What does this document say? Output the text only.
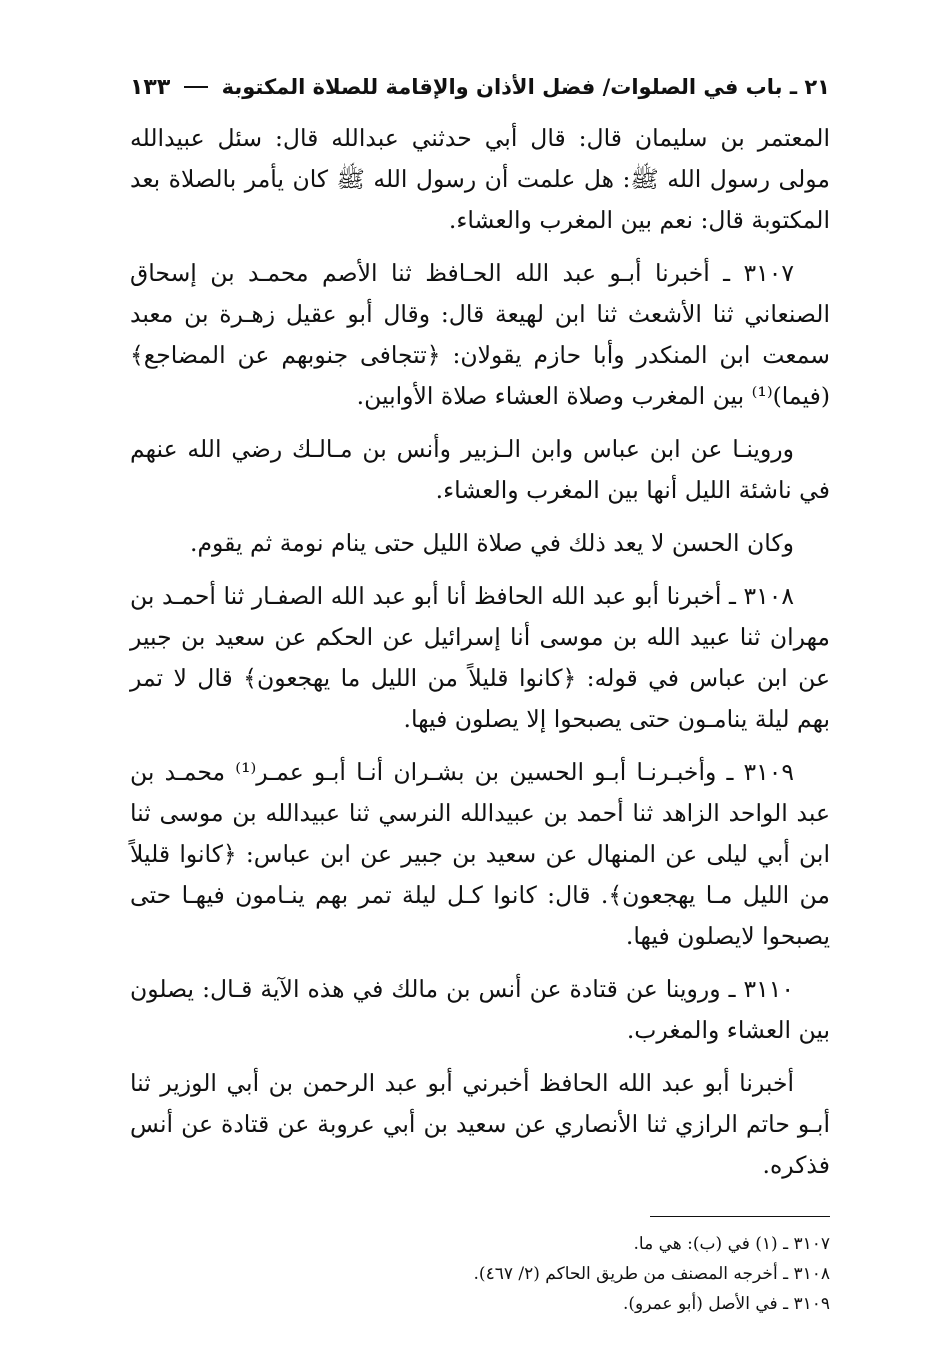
٢١ ـ باب في الصلوات/ فضل الأذان والإقامة للصلاة المكتوبة
١٣٣

المعتمر بن سليمان قال: قال أبي حدثني عبدالله قال: سئل عبيدالله مولى رسول الله ﷺ: هل علمت أن رسول الله ﷺ كان يأمر بالصلاة بعد المكتوبة قال: نعم بين المغرب والعشاء.

٣١٠٧ ـ أخبرنا أبـو عبد الله الحـافظ ثنا الأصم محمـد بن إسحاق الصنعاني ثنا الأشعث ثنا ابن لهيعة قال: وقال أبو عقيل زهـرة بن معبد سمعت ابن المنكدر وأبا حازم يقولان: ﴿تتجافى جنوبهم عن المضاجع﴾ (فيما)⁽¹⁾ بين المغرب وصلاة العشاء صلاة الأوابين.

وروينـا عن ابن عباس وابن الـزبير وأنس بن مـالـك رضي الله عنهم في ناشئة الليل أنها بين المغرب والعشاء.

وكان الحسن لا يعد ذلك في صلاة الليل حتى ينام نومة ثم يقوم.

٣١٠٨ ـ أخبرنا أبو عبد الله الحافظ أنا أبو عبد الله الصفـار ثنا أحمـد بن مهران ثنا عبيد الله بن موسى أنا إسرائيل عن الحكم عن سعيد بن جبير عن ابن عباس في قوله: ﴿كانوا قليلاً من الليل ما يهجعون﴾ قال لا تمر بهم ليلة ينامـون حتى يصبحوا إلا يصلون فيها.

٣١٠٩ ـ وأخبـرنـا أبـو الحسين بن بشـران أنـا أبـو عمـر⁽¹⁾ محمـد بن عبد الواحد الزاهد ثنا أحمد بن عبيدالله النرسي ثنا عبيدالله بن موسى ثنا ابن أبي ليلى عن المنهال عن سعيد بن جبير عن ابن عباس: ﴿كانوا قليلاً من الليل مـا يهجعون﴾. قال: كانوا كـل ليلة تمر بهم ينـامون فيهـا حتى يصبحوا لايصلون فيها.

٣١١٠ ـ وروينا عن قتادة عن أنس بن مالك في هذه الآية قـال: يصلون بين العشاء والمغرب.

أخبرنا أبو عبد الله الحافظ أخبرني أبو عبد الرحمن بن أبي الوزير ثنا أبـو حاتم الرازي ثنا الأنصاري عن سعيد بن أبي عروبة عن قتادة عن أنس فذكره.

٣١٠٧ ـ (١) في (ب): هي ما.
٣١٠٨ ـ أخرجه المصنف من طريق الحاكم (٢/ ٤٦٧).
٣١٠٩ ـ في الأصل (أبو عمرو).
